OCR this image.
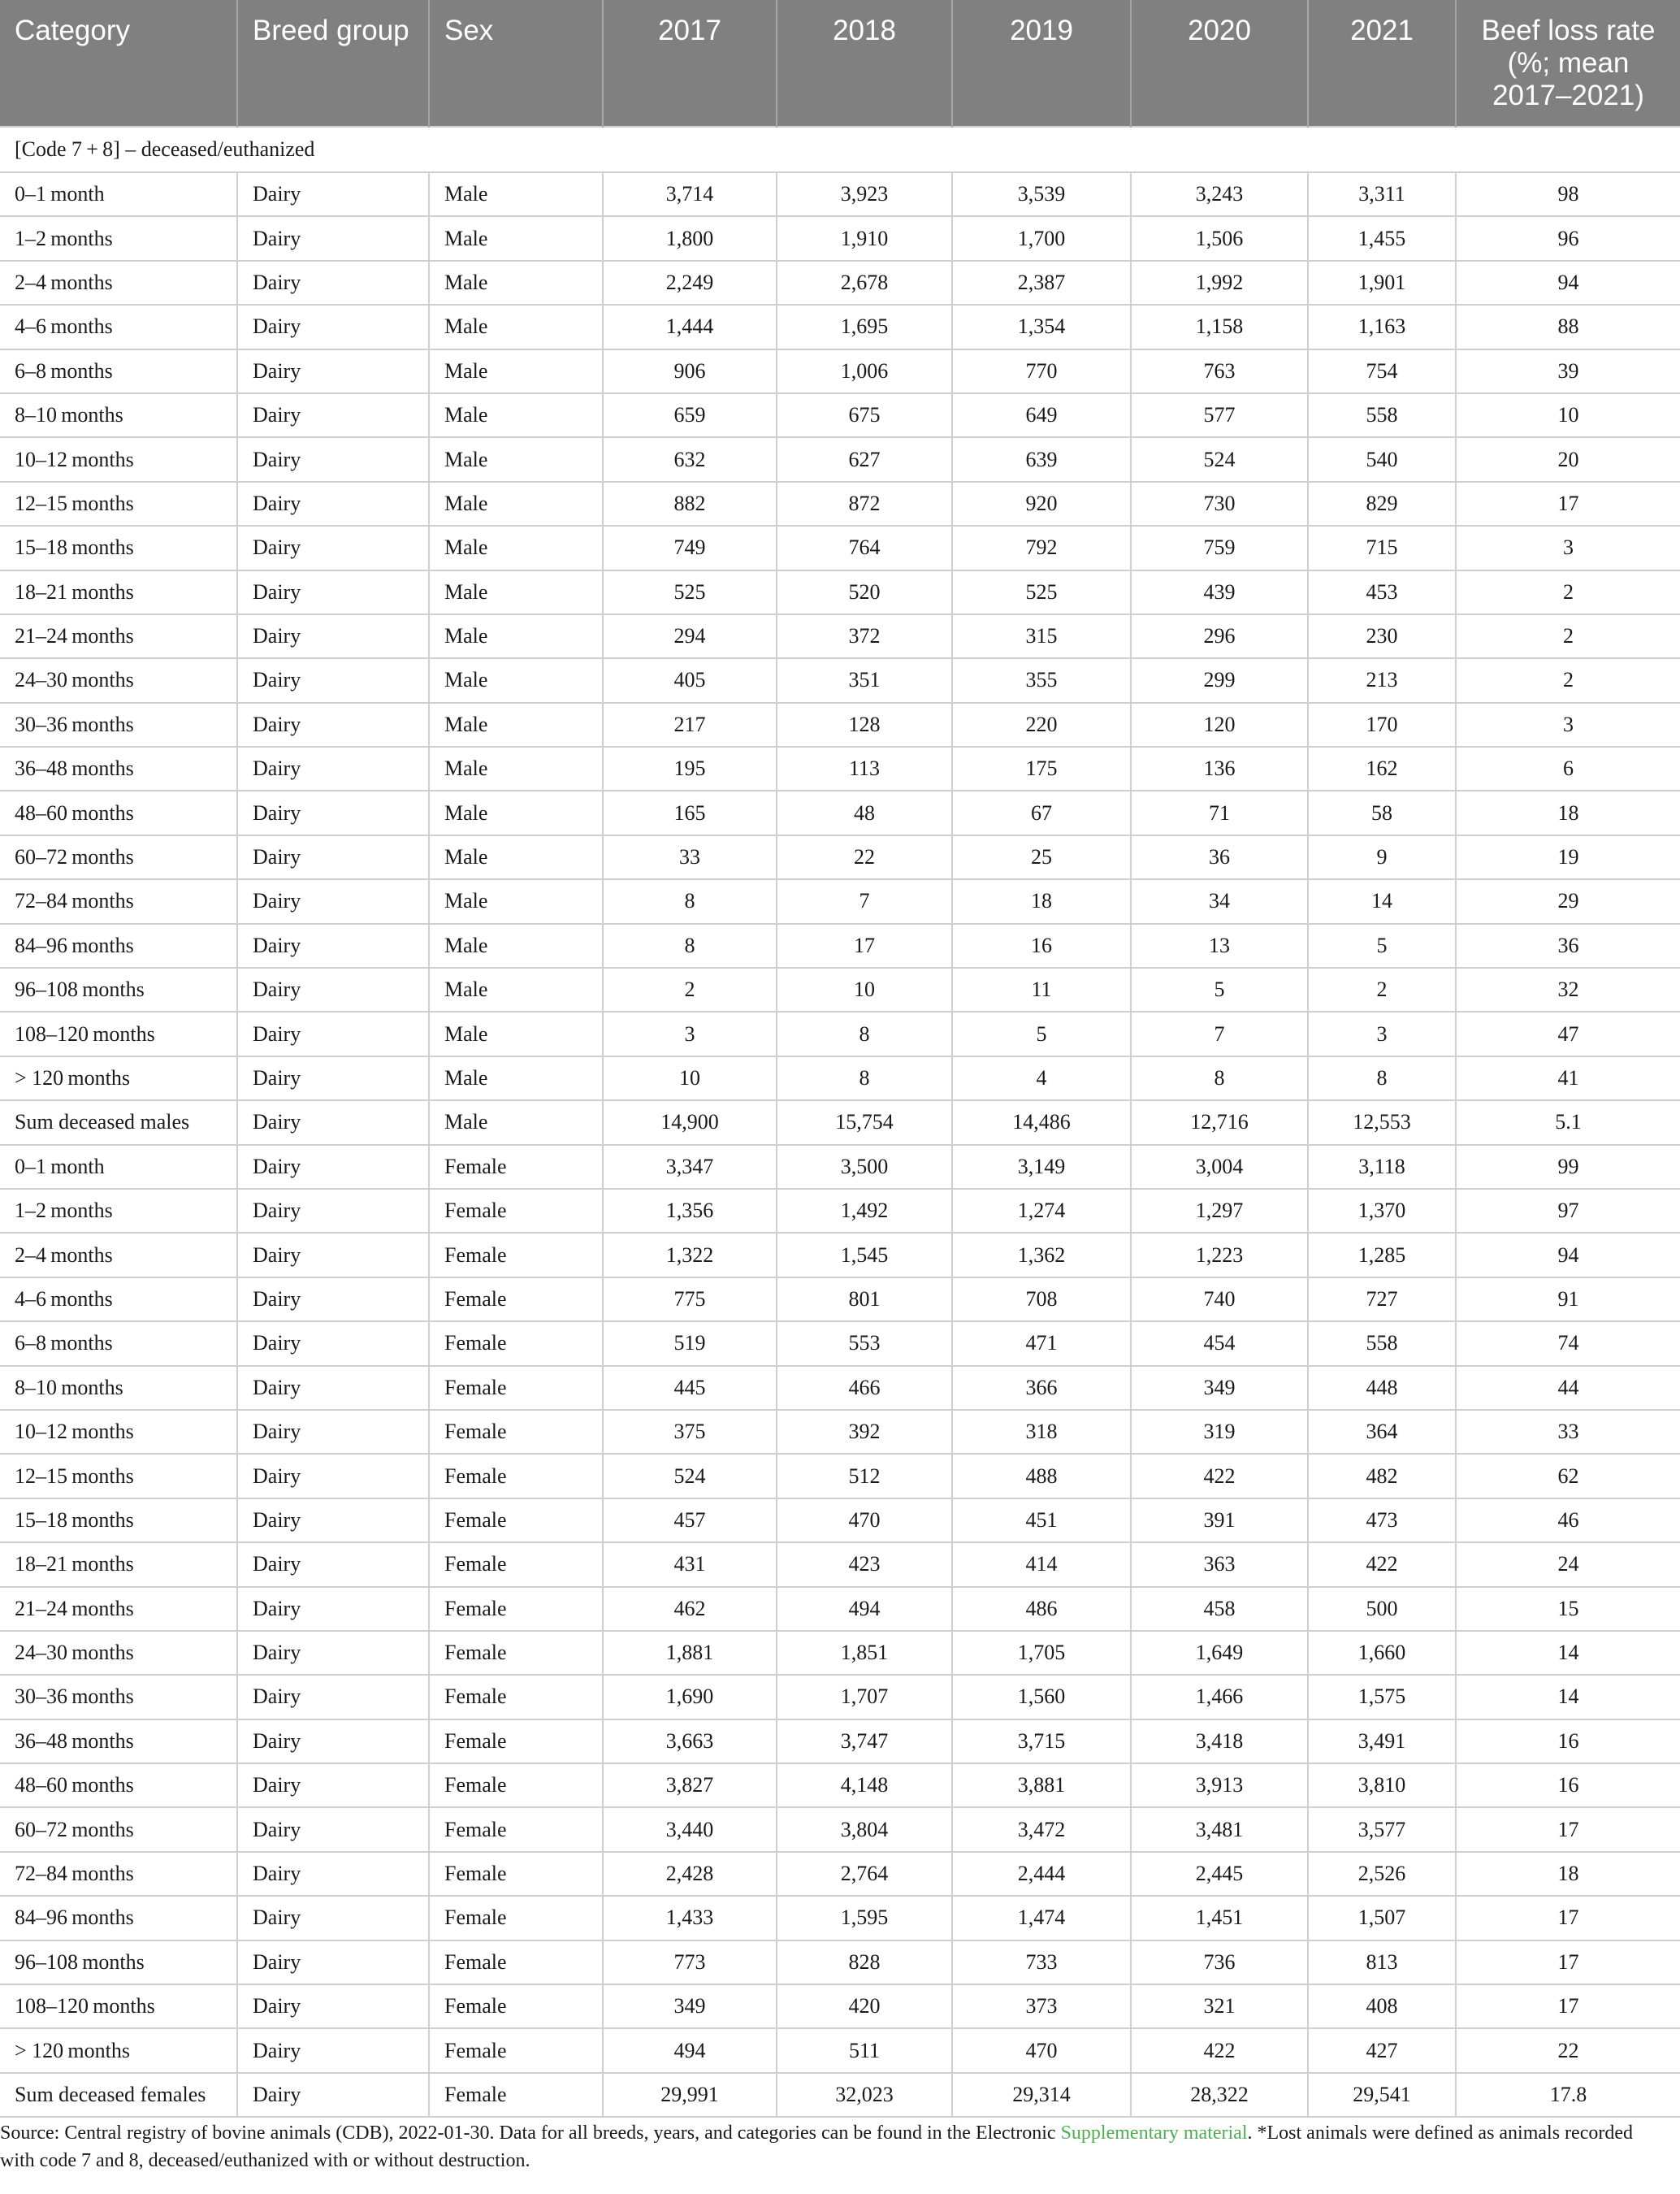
Category	Breed group	Sex	2017	2018	2019	2020	2021	Beef loss rate (%; mean 2017–2021)
[Code 7 + 8] – deceased/euthanized								
0–1 month	Dairy	Male	3,714	3,923	3,539	3,243	3,311	98
1–2 months	Dairy	Male	1,800	1,910	1,700	1,506	1,455	96
2–4 months	Dairy	Male	2,249	2,678	2,387	1,992	1,901	94
4–6 months	Dairy	Male	1,444	1,695	1,354	1,158	1,163	88
6–8 months	Dairy	Male	906	1,006	770	763	754	39
8–10 months	Dairy	Male	659	675	649	577	558	10
10–12 months	Dairy	Male	632	627	639	524	540	20
12–15 months	Dairy	Male	882	872	920	730	829	17
15–18 months	Dairy	Male	749	764	792	759	715	3
18–21 months	Dairy	Male	525	520	525	439	453	2
21–24 months	Dairy	Male	294	372	315	296	230	2
24–30 months	Dairy	Male	405	351	355	299	213	2
30–36 months	Dairy	Male	217	128	220	120	170	3
36–48 months	Dairy	Male	195	113	175	136	162	6
48–60 months	Dairy	Male	165	48	67	71	58	18
60–72 months	Dairy	Male	33	22	25	36	9	19
72–84 months	Dairy	Male	8	7	18	34	14	29
84–96 months	Dairy	Male	8	17	16	13	5	36
96–108 months	Dairy	Male	2	10	11	5	2	32
108–120 months	Dairy	Male	3	8	5	7	3	47
> 120 months	Dairy	Male	10	8	4	8	8	41
Sum deceased males	Dairy	Male	14,900	15,754	14,486	12,716	12,553	5.1
0–1 month	Dairy	Female	3,347	3,500	3,149	3,004	3,118	99
1–2 months	Dairy	Female	1,356	1,492	1,274	1,297	1,370	97
2–4 months	Dairy	Female	1,322	1,545	1,362	1,223	1,285	94
4–6 months	Dairy	Female	775	801	708	740	727	91
6–8 months	Dairy	Female	519	553	471	454	558	74
8–10 months	Dairy	Female	445	466	366	349	448	44
10–12 months	Dairy	Female	375	392	318	319	364	33
12–15 months	Dairy	Female	524	512	488	422	482	62
15–18 months	Dairy	Female	457	470	451	391	473	46
18–21 months	Dairy	Female	431	423	414	363	422	24
21–24 months	Dairy	Female	462	494	486	458	500	15
24–30 months	Dairy	Female	1,881	1,851	1,705	1,649	1,660	14
30–36 months	Dairy	Female	1,690	1,707	1,560	1,466	1,575	14
36–48 months	Dairy	Female	3,663	3,747	3,715	3,418	3,491	16
48–60 months	Dairy	Female	3,827	4,148	3,881	3,913	3,810	16
60–72 months	Dairy	Female	3,440	3,804	3,472	3,481	3,577	17
72–84 months	Dairy	Female	2,428	2,764	2,444	2,445	2,526	18
84–96 months	Dairy	Female	1,433	1,595	1,474	1,451	1,507	17
96–108 months	Dairy	Female	773	828	733	736	813	17
108–120 months	Dairy	Female	349	420	373	321	408	17
> 120 months	Dairy	Female	494	511	470	422	427	22
Sum deceased females	Dairy	Female	29,991	32,023	29,314	28,322	29,541	17.8
Source: Central registry of bovine animals (CDB), 2022-01-30. Data for all breeds, years, and categories can be found in the Electronic Supplementary material. *Lost animals were defined as animals recorded with code 7 and 8, deceased/euthanized with or without destruction.
